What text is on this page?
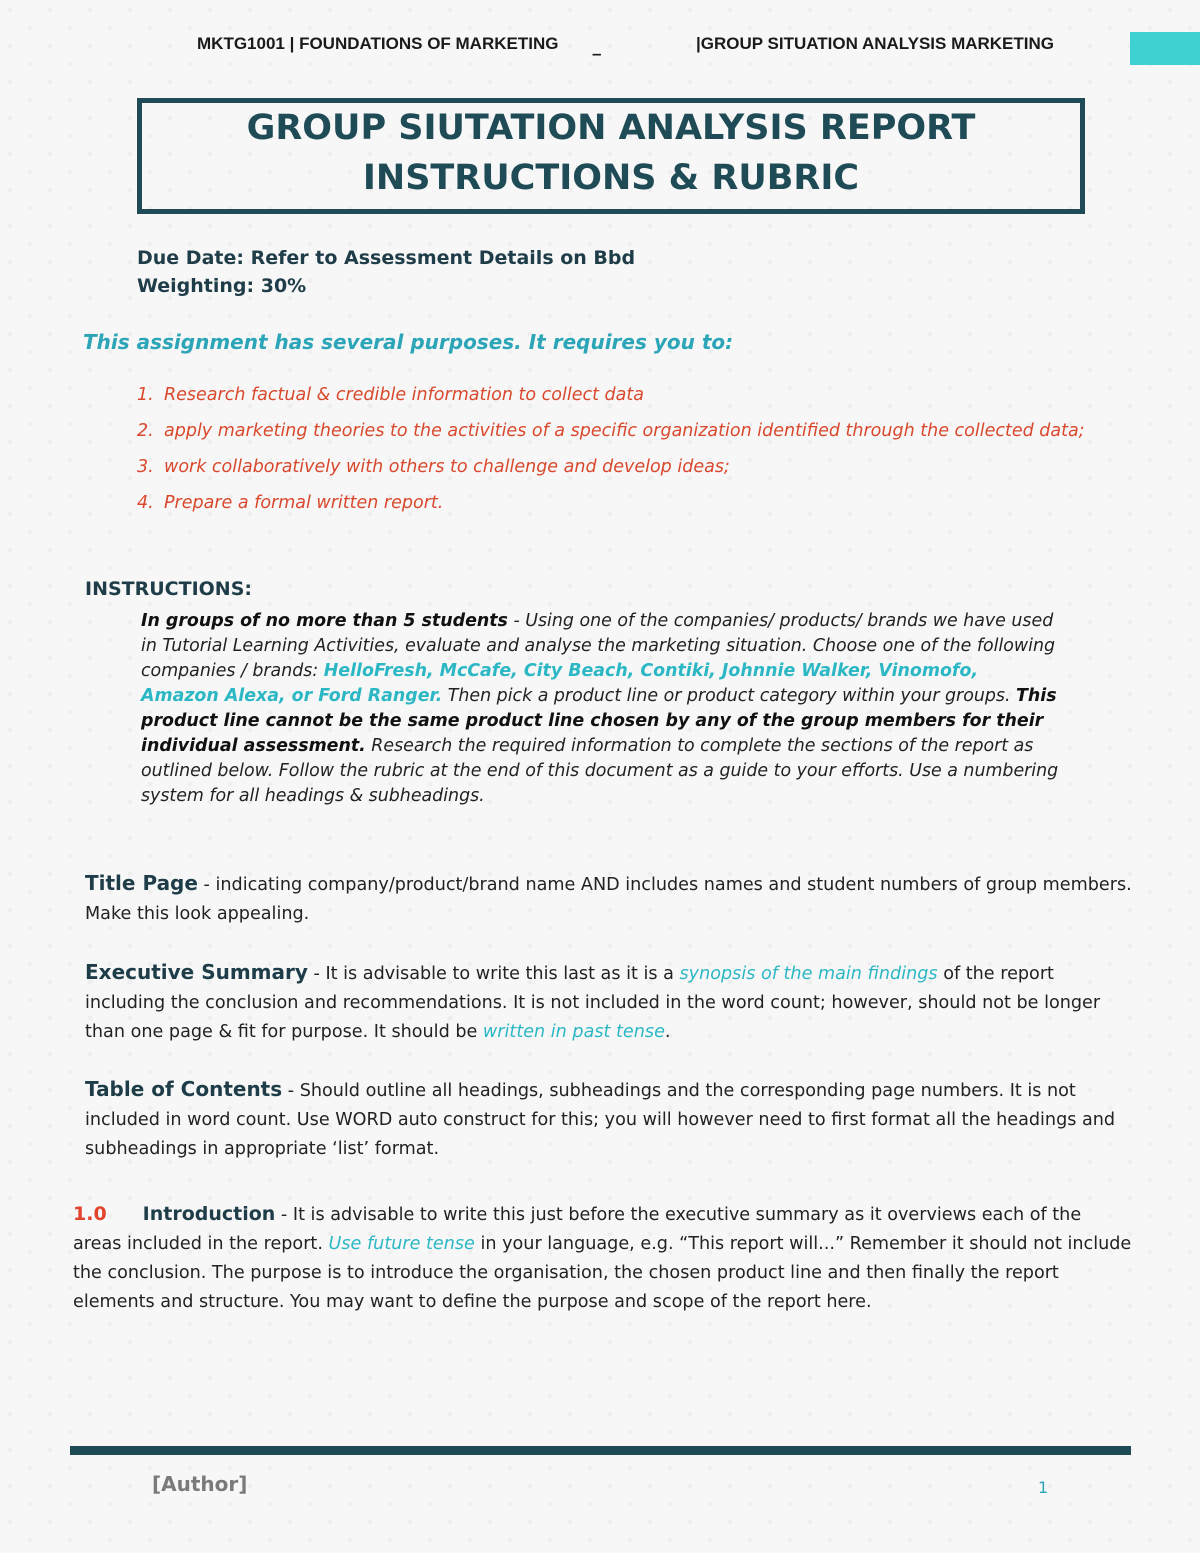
MKTG1001 | FOUNDATIONS OF MARKETING
–
|GROUP SITUATION ANALYSIS MARKETING
GROUP SIUTATION ANALYSIS REPORT
INSTRUCTIONS & RUBRIC
Due Date: Refer to Assessment Details on Bbd
Weighting: 30%
This assignment has several purposes. It requires you to:
1. Research factual & credible information to collect data
2. apply marketing theories to the activities of a specific organization identified through the collected data;
3. work collaboratively with others to challenge and develop ideas;
4. Prepare a formal written report.
INSTRUCTIONS:
In groups of no more than 5 students - Using one of the companies/ products/ brands we have used in Tutorial Learning Activities, evaluate and analyse the marketing situation. Choose one of the following companies / brands: HelloFresh, McCafe, City Beach, Contiki, Johnnie Walker, Vinomofo, Amazon Alexa, or Ford Ranger. Then pick a product line or product category within your groups. This product line cannot be the same product line chosen by any of the group members for their individual assessment. Research the required information to complete the sections of the report as outlined below. Follow the rubric at the end of this document as a guide to your efforts. Use a numbering system for all headings & subheadings.
Title Page - indicating company/product/brand name AND includes names and student numbers of group members. Make this look appealing.
Executive Summary - It is advisable to write this last as it is a synopsis of the main findings of the report including the conclusion and recommendations. It is not included in the word count; however, should not be longer than one page & fit for purpose. It should be written in past tense.
Table of Contents - Should outline all headings, subheadings and the corresponding page numbers. It is not included in word count. Use WORD auto construct for this; you will however need to first format all the headings and subheadings in appropriate ‘list’ format.
1.0 Introduction - It is advisable to write this just before the executive summary as it overviews each of the areas included in the report. Use future tense in your language, e.g. “This report will...” Remember it should not include the conclusion. The purpose is to introduce the organisation, the chosen product line and then finally the report elements and structure. You may want to define the purpose and scope of the report here.
[Author]	1
